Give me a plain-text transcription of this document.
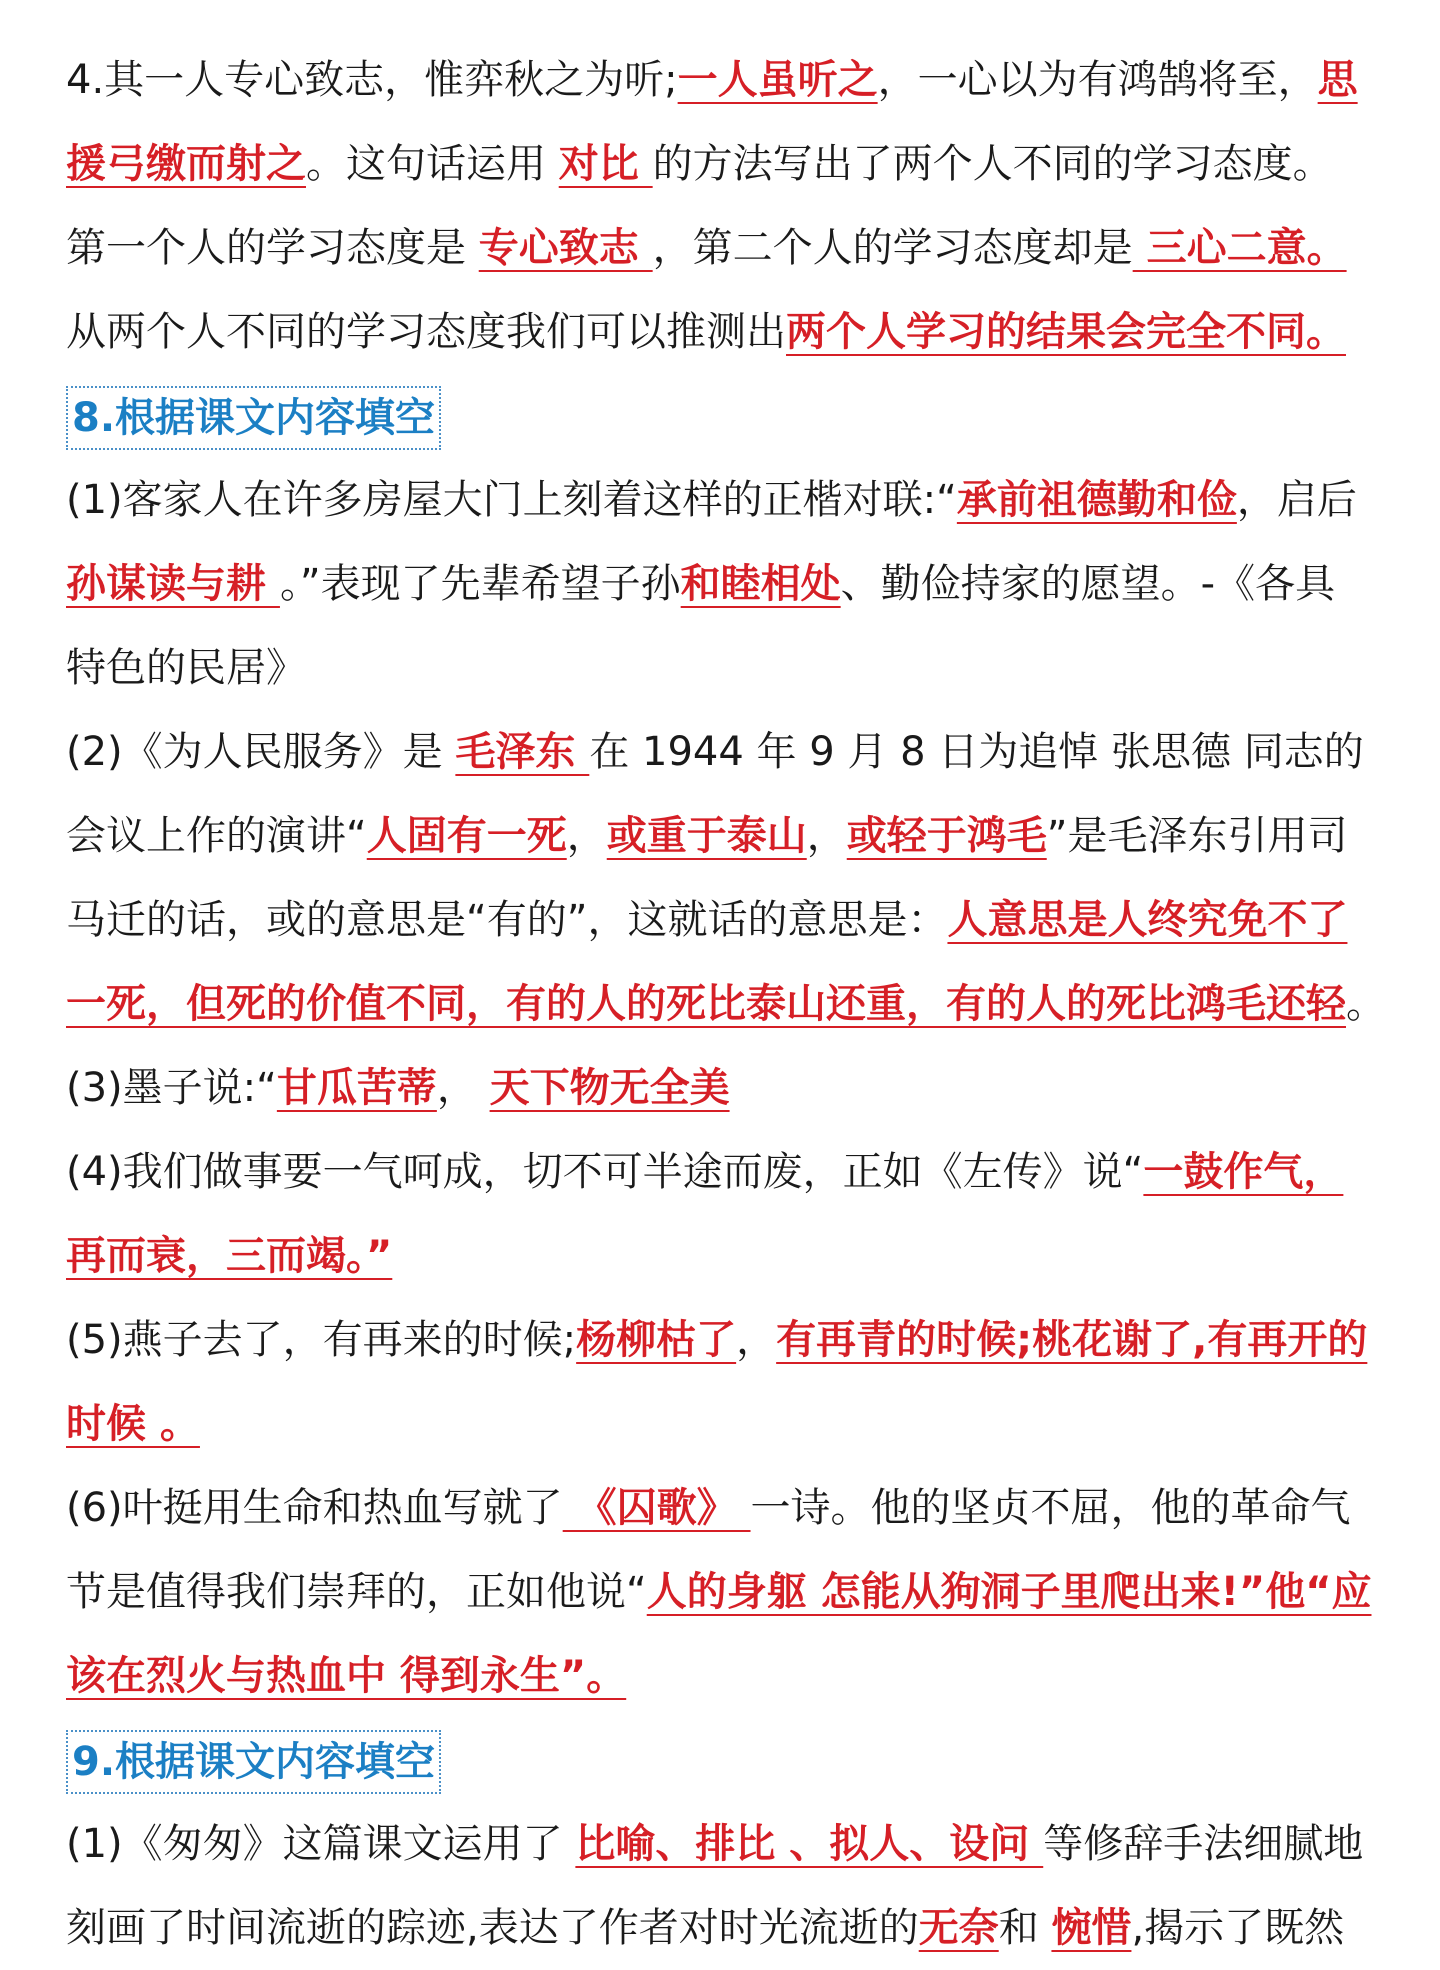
4.其一人专心致志，惟弈秋之为听;一人虽听之，一心以为有鸿鹄将至，思
援弓缴而射之。这句话运用 对比 的方法写出了两个人不同的学习态度。
第一个人的学习态度是 专心致志 ，第二个人的学习态度却是 三心二意。
从两个人不同的学习态度我们可以推测出两个人学习的结果会完全不同。
8.根据课文内容填空
(1)客家人在许多房屋大门上刻着这样的正楷对联:“承前祖德勤和俭，启后
孙谋读与耕 。”表现了先辈希望子孙和睦相处、勤俭持家的愿望。-《各具
特色的民居》
(2)《为人民服务》是 毛泽东 在 1944 年 9 月 8 日为追悼 张思德 同志的
会议上作的演讲“人固有一死，或重于泰山，或轻于鸿毛”是毛泽东引用司
马迁的话，或的意思是“有的”，这就话的意思是：人意思是人终究免不了
一死，但死的价值不同，有的人的死比泰山还重，有的人的死比鸿毛还轻。
(3)墨子说:“甘瓜苦蒂， 天下物无全美
(4)我们做事要一气呵成，切不可半途而废，正如《左传》说“一鼓作气，
再而衰，三而竭。”
(5)燕子去了，有再来的时候;杨柳枯了，有再青的时候;桃花谢了,有再开的
时候 。
(6)叶挺用生命和热血写就了 《囚歌》 一诗。他的坚贞不屈，他的革命气
节是值得我们崇拜的，正如他说“人的身躯 怎能从狗洞子里爬出来!”他“应
该在烈火与热血中 得到永生”。
9.根据课文内容填空
(1)《匆匆》这篇课文运用了 比喻、排比 、拟人、设问 等修辞手法细腻地
刻画了时间流逝的踪迹,表达了作者对时光流逝的无奈和 惋惜,揭示了既然
